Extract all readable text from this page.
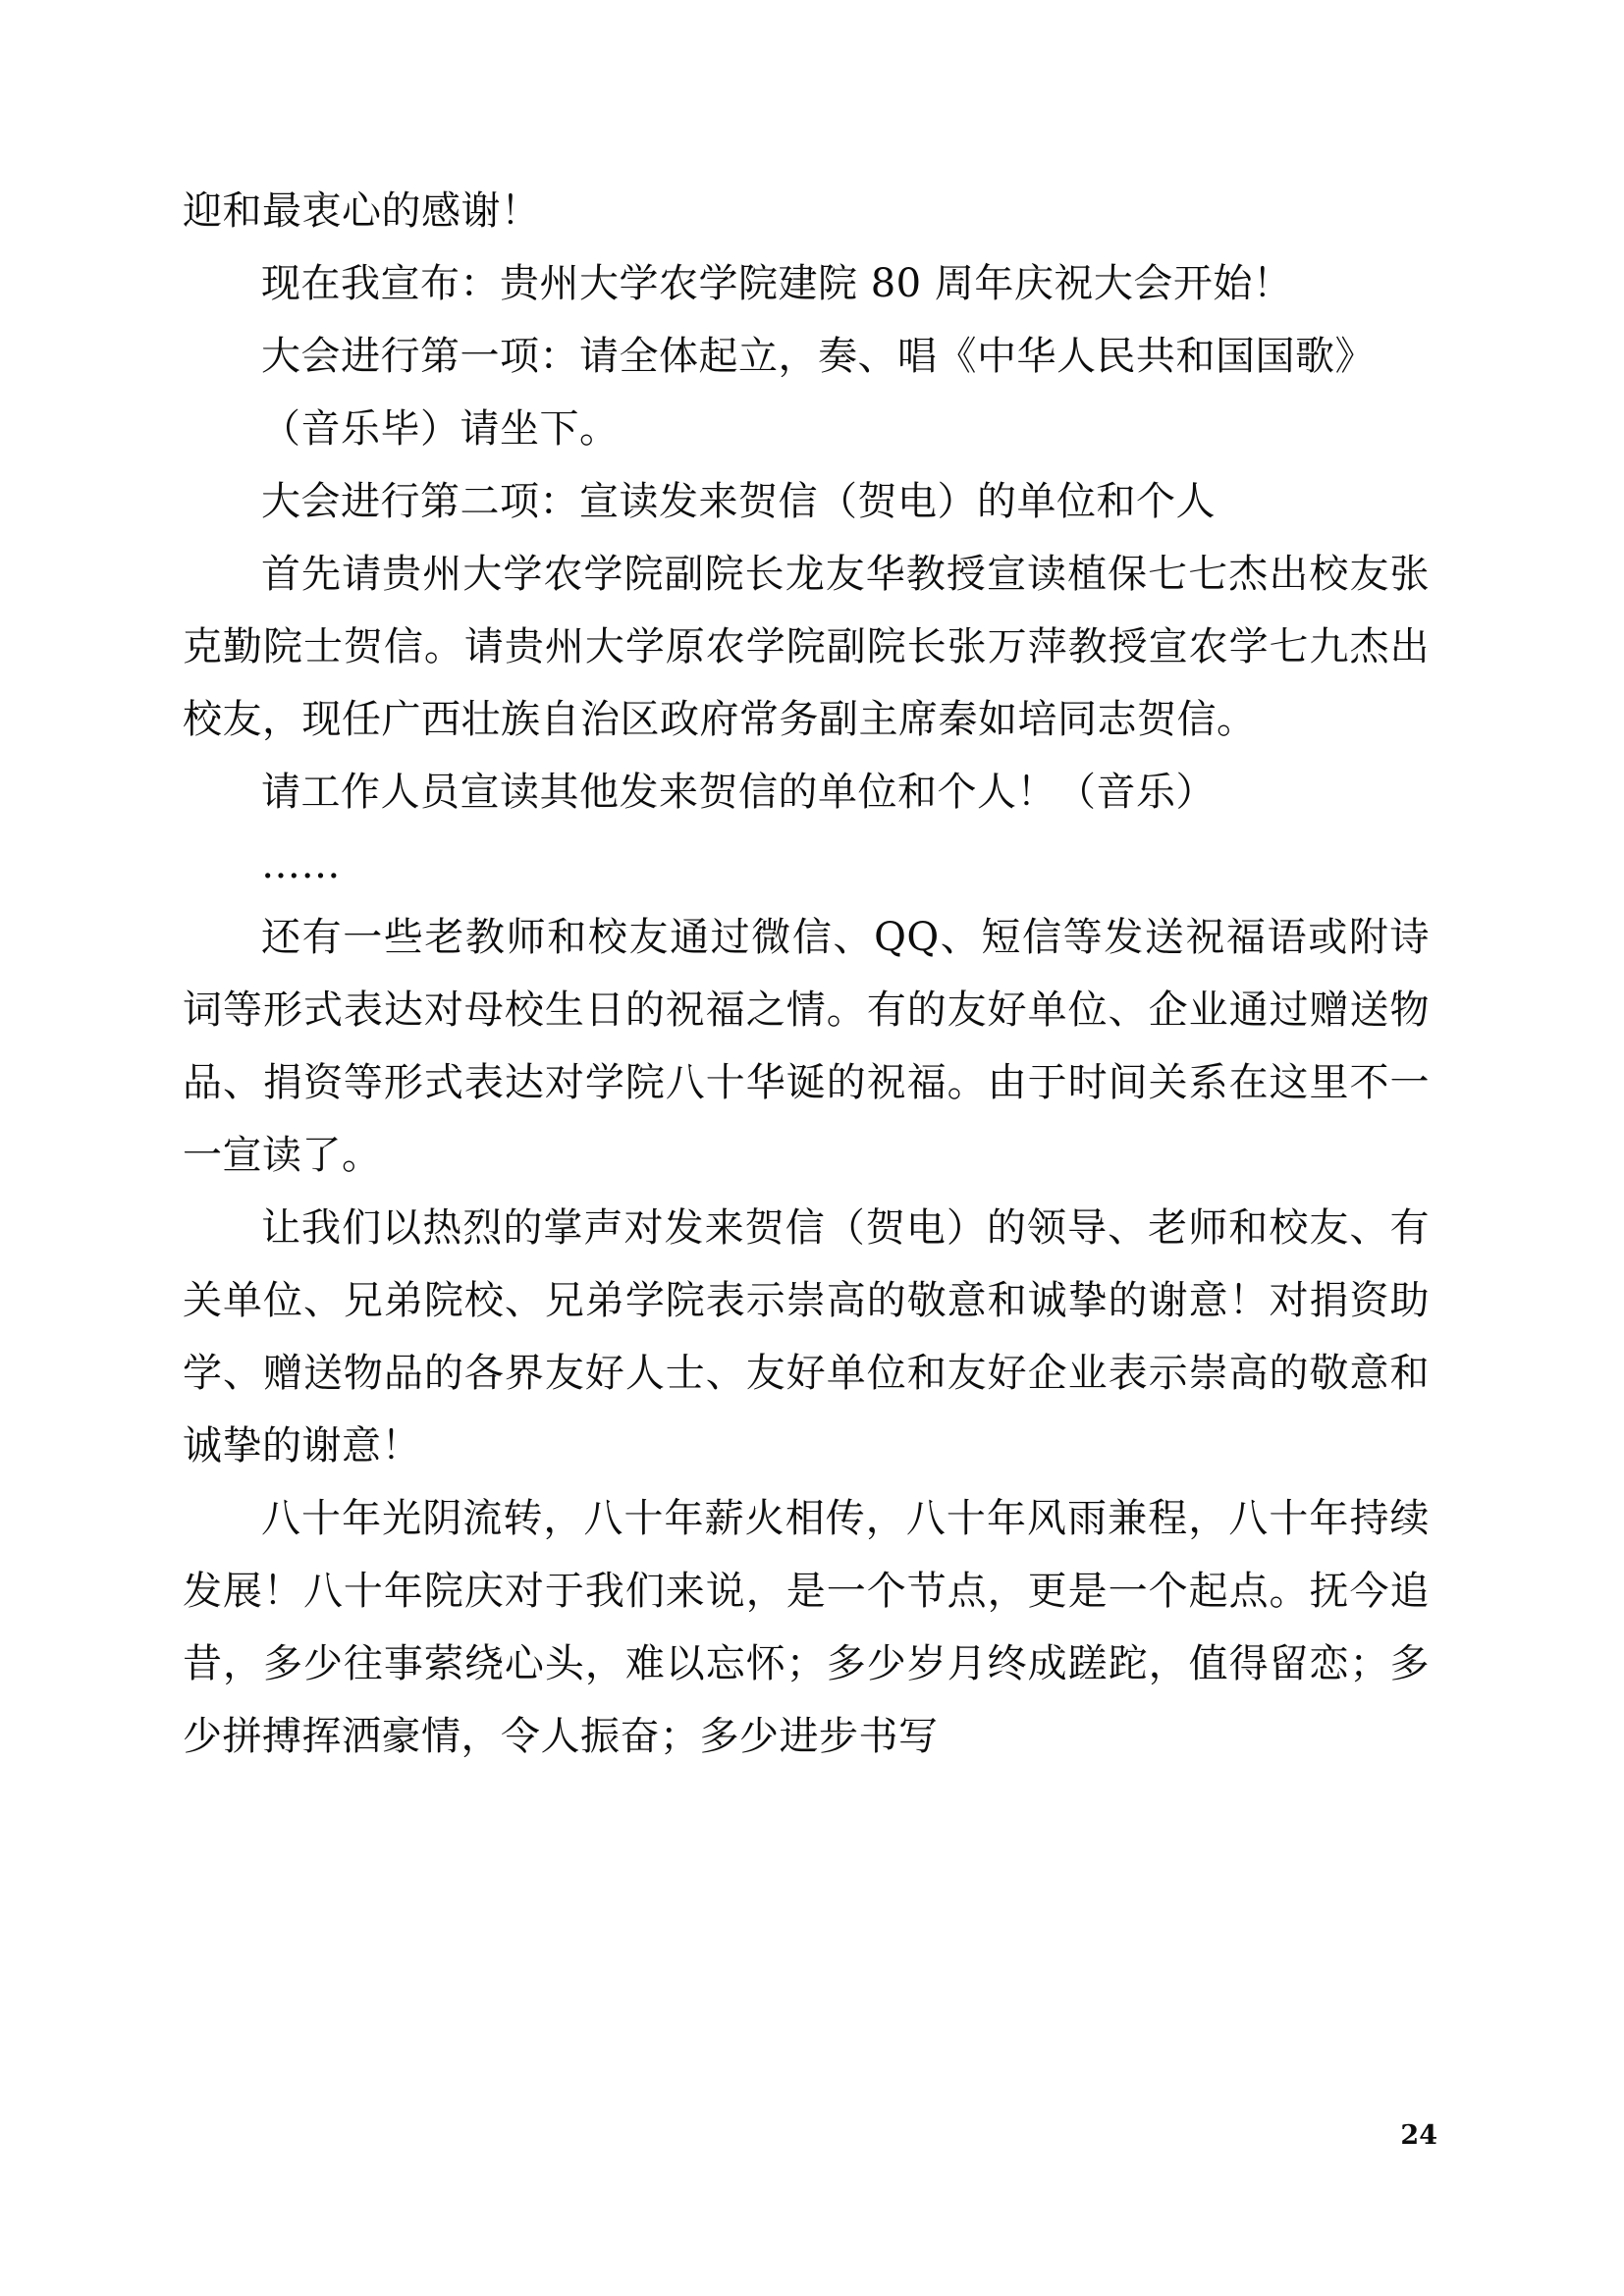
迎和最衷心的感谢！

现在我宣布：贵州大学农学院建院 80 周年庆祝大会开始！

大会进行第一项：请全体起立，奏、唱《中华人民共和国国歌》

（音乐毕）请坐下。

大会进行第二项：宣读发来贺信（贺电）的单位和个人

首先请贵州大学农学院副院长龙友华教授宣读植保七七杰出校友张克勤院士贺信。请贵州大学原农学院副院长张万萍教授宣农学七九杰出校友，现任广西壮族自治区政府常务副主席秦如培同志贺信。

请工作人员宣读其他发来贺信的单位和个人！（音乐）

……

还有一些老教师和校友通过微信、QQ、短信等发送祝福语或附诗词等形式表达对母校生日的祝福之情。有的友好单位、企业通过赠送物品、捐资等形式表达对学院八十华诞的祝福。由于时间关系在这里不一一宣读了。

让我们以热烈的掌声对发来贺信（贺电）的领导、老师和校友、有关单位、兄弟院校、兄弟学院表示崇高的敬意和诚挚的谢意！对捐资助学、赠送物品的各界友好人士、友好单位和友好企业表示崇高的敬意和诚挚的谢意！

八十年光阴流转，八十年薪火相传，八十年风雨兼程，八十年持续发展！八十年院庆对于我们来说，是一个节点，更是一个起点。抚今追昔，多少往事萦绕心头，难以忘怀；多少岁月终成蹉跎，值得留恋；多少拼搏挥洒豪情，令人振奋；多少进步书写

24
